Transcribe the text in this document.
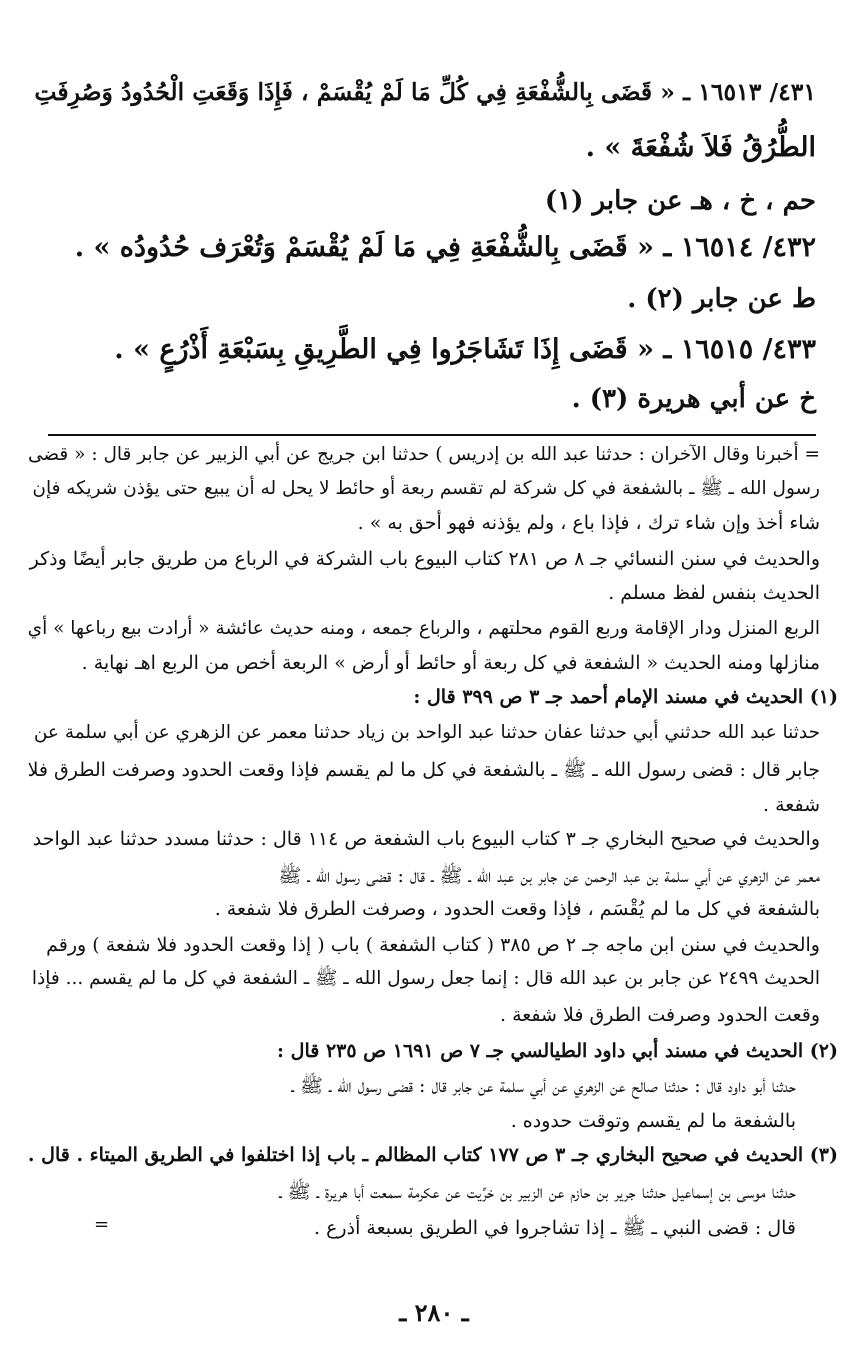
٤٣١/ ١٦٥١٣ ـ « قَضَى بِالشُّفْعَةِ فِي كُلِّ مَا لَمْ يُقْسَمْ ، فَإِذَا وَقَعَتِ الْحُدُودُ وَصُرِفَتِ
الطُّرُقُ فَلاَ شُفْعَةَ » .
حم ، خ ، هـ عن جابر (١)
٤٣٢/ ١٦٥١٤ ـ « قَضَى بِالشُّفْعَةِ فِي مَا لَمْ يُقْسَمْ وَتُعْرَف حُدُودُه » .
ط عن جابر (٢) .
٤٣٣/ ١٦٥١٥ ـ « قَضَى إِذَا تَشَاجَرُوا فِي الطَّرِيقِ بِسَبْعَةِ أَذْرُعٍ » .
خ عن أبي هريرة (٣) .
= أخبرنا وقال الآخران : حدثنا عبد الله بن إدريس ) حدثنا ابن جريج عن أبي الزبير عن جابر قال : « قضى
رسول الله ـ ﷺ ـ بالشفعة في كل شركة لم تقسم ربعة أو حائط لا يحل له أن يبيع حتى يؤذن شريكه فإن
شاء أخذ وإن شاء ترك ، فإذا باع ، ولم يؤذنه فهو أحق به » .
والحديث في سنن النسائي جـ ٨ ص ٢٨١ كتاب البيوع باب الشركة في الرباع من طريق جابر أيضًا وذكر
الحديث بنفس لفظ مسلم .
الربع المنزل ودار الإقامة وربع القوم محلتهم ، والرباع جمعه ، ومنه حديث عائشة « أرادت بيع رباعها » أي
منازلها ومنه الحديث « الشفعة في كل ربعة أو حائط أو أرض » الربعة أخص من الربع اهـ نهاية .
(١) الحديث في مسند الإمام أحمد جـ ٣ ص ٣٩٩ قال :
حدثنا عبد الله حدثني أبي حدثنا عفان حدثنا عبد الواحد بن زياد حدثنا معمر عن الزهري عن أبي سلمة عن
جابر قال : قضى رسول الله ـ ﷺ ـ بالشفعة في كل ما لم يقسم فإذا وقعت الحدود وصرفت الطرق فلا
شفعة .
والحديث في صحيح البخاري جـ ٣ كتاب البيوع باب الشفعة ص ١١٤ قال : حدثنا مسدد حدثنا عبد الواحد
معمر عن الزهري عن أبي سلمة بن عبد الرحمن عن جابر بن عبد الله ـ ﷺ ـ قال : قضى رسول الله ـ ﷺ
بالشفعة في كل ما لم يُقْسَم ، فإذا وقعت الحدود ، وصرفت الطرق فلا شفعة .
والحديث في سنن ابن ماجه جـ ٢ ص ٣٨٥ ( كتاب الشفعة ) باب ( إذا وقعت الحدود فلا شفعة ) ورقم
الحديث ٢٤٩٩ عن جابر بن عبد الله قال : إنما جعل رسول الله ـ ﷺ ـ الشفعة في كل ما لم يقسم ... فإذا
وقعت الحدود وصرفت الطرق فلا شفعة .
(٢) الحديث في مسند أبي داود الطيالسي جـ ٧ ص ١٦٩١ ص ٢٣٥ قال :
حدثنا أبو داود قال : حدثنا صالح عن الزهري عن أبي سلمة عن جابر قال : قضى رسول الله ـ ﷺ ـ
بالشفعة ما لم يقسم وتوقت حدوده .
(٣) الحديث في صحيح البخاري جـ ٣ ص ١٧٧ كتاب المظالم ـ باب إذا اختلفوا في الطريق الميتاء . قال .
حدثنا موسى بن إسماعيل حدثنا جرير بن حازم عن الزبير بن خرِّيت عن عكرمة سمعت أبا هريرة ـ ﷺ ـ
قال : قضى النبي ـ ﷺ ـ إذا تشاجروا في الطريق بسبعة أذرع .
=
ـ ٢٨٠ ـ
